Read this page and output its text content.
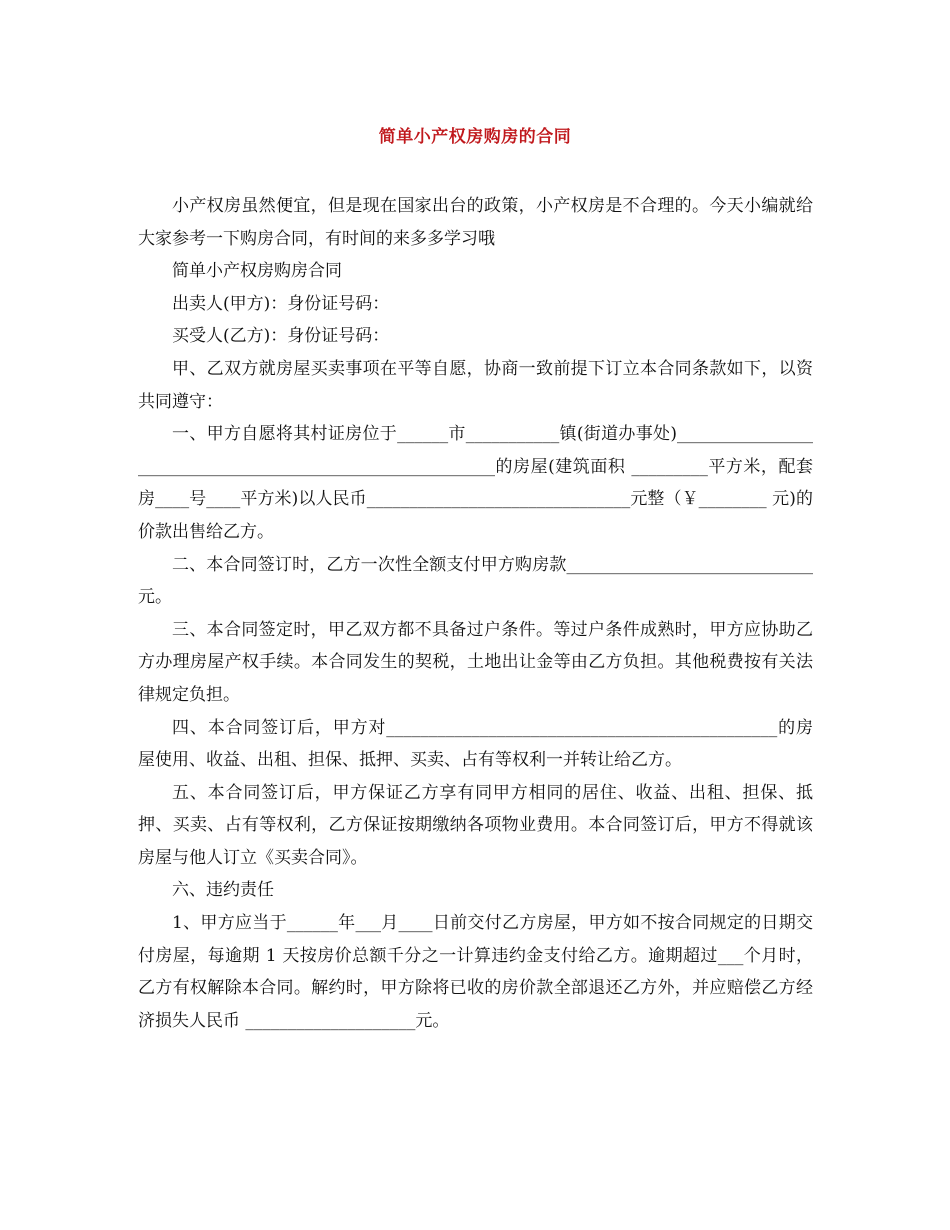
简单小产权房购房的合同

小产权房虽然便宜，但是现在国家出台的政策，小产权房是不合理的。今天小编就给大家参考一下购房合同，有时间的来多多学习哦

简单小产权房购房合同

出卖人(甲方)：身份证号码：

买受人(乙方)：身份证号码：

甲、乙双方就房屋买卖事项在平等自愿，协商一致前提下订立本合同条款如下，以资共同遵守：

一、甲方自愿将其村证房位于______市___________镇(街道办事处)__________________________________________________________的房屋(建筑面积 _________平方米，配套房____号____平方米)以人民币_______________________________元整（￥________ 元)的价款出售给乙方。

二、本合同签订时，乙方一次性全额支付甲方购房款_____________________________元。

三、本合同签定时，甲乙双方都不具备过户条件。等过户条件成熟时，甲方应协助乙方办理房屋产权手续。本合同发生的契税，土地出让金等由乙方负担。其他税费按有关法律规定负担。

四、本合同签订后，甲方对______________________________________________的房屋使用、收益、出租、担保、抵押、买卖、占有等权利一并转让给乙方。

五、本合同签订后，甲方保证乙方享有同甲方相同的居住、收益、出租、担保、抵押、买卖、占有等权利，乙方保证按期缴纳各项物业费用。本合同签订后，甲方不得就该房屋与他人订立《买卖合同》。

六、违约责任

1、甲方应当于______年___月____日前交付乙方房屋，甲方如不按合同规定的日期交付房屋，每逾期 1 天按房价总额千分之一计算违约金支付给乙方。逾期超过___个月时，乙方有权解除本合同。解约时，甲方除将已收的房价款全部退还乙方外，并应赔偿乙方经济损失人民币 ____________________元。
